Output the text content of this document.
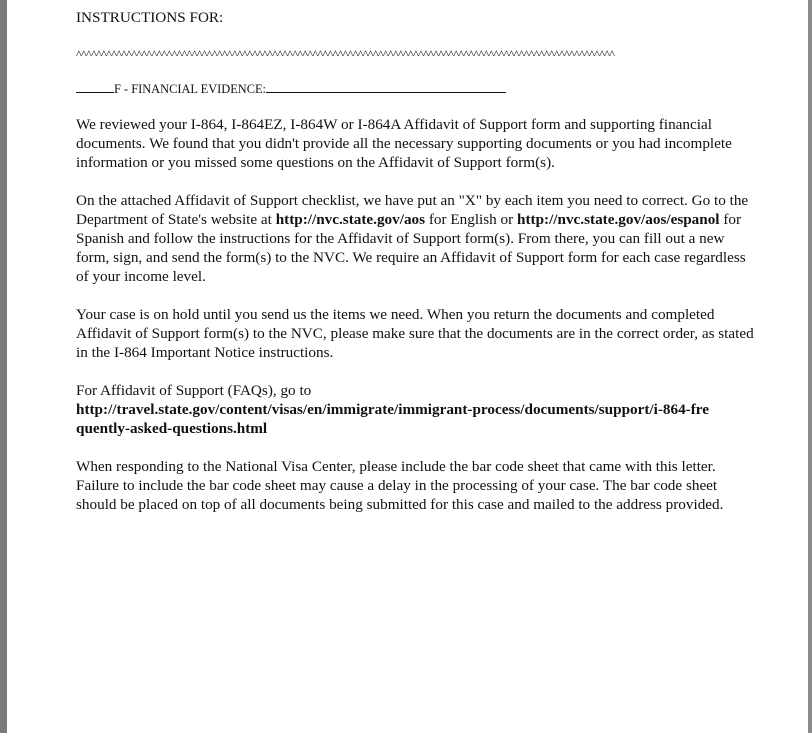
INSTRUCTIONS FOR:
^^^^^^^^^^^^^^^^^^^^^^^^^^^^^^^^^^^^^^^^^^^^^^^^^^^^^^^^^^^^^^^^^^^^^^^^^^^^^^^^^^^^^^^^^^^^^^^^^^^^^^^^^^^
F - FINANCIAL EVIDENCE:

We reviewed your I-864, I-864EZ, I-864W or I-864A Affidavit of Support form and supporting financial documents. We found that you didn't provide all the necessary supporting documents or you had incomplete information or you missed some questions on the Affidavit of Support form(s).

On the attached Affidavit of Support checklist, we have put an "X" by each item you need to correct. Go to the Department of State's website at http://nvc.state.gov/aos for English or http://nvc.state.gov/aos/espanol for Spanish and follow the instructions for the Affidavit of Support form(s). From there, you can fill out a new form, sign, and send the form(s) to the NVC. We require an Affidavit of Support form for each case regardless of your income level.

Your case is on hold until you send us the items we need. When you return the documents and completed Affidavit of Support form(s) to the NVC, please make sure that the documents are in the correct order, as stated in the I-864 Important Notice instructions.

For Affidavit of Support (FAQs), go to
http://travel.state.gov/content/visas/en/immigrate/immigrant-process/documents/support/i-864-fre
quently-asked-questions.html

When responding to the National Visa Center, please include the bar code sheet that came with this letter. Failure to include the bar code sheet may cause a delay in the processing of your case. The bar code sheet should be placed on top of all documents being submitted for this case and mailed to the address provided.
